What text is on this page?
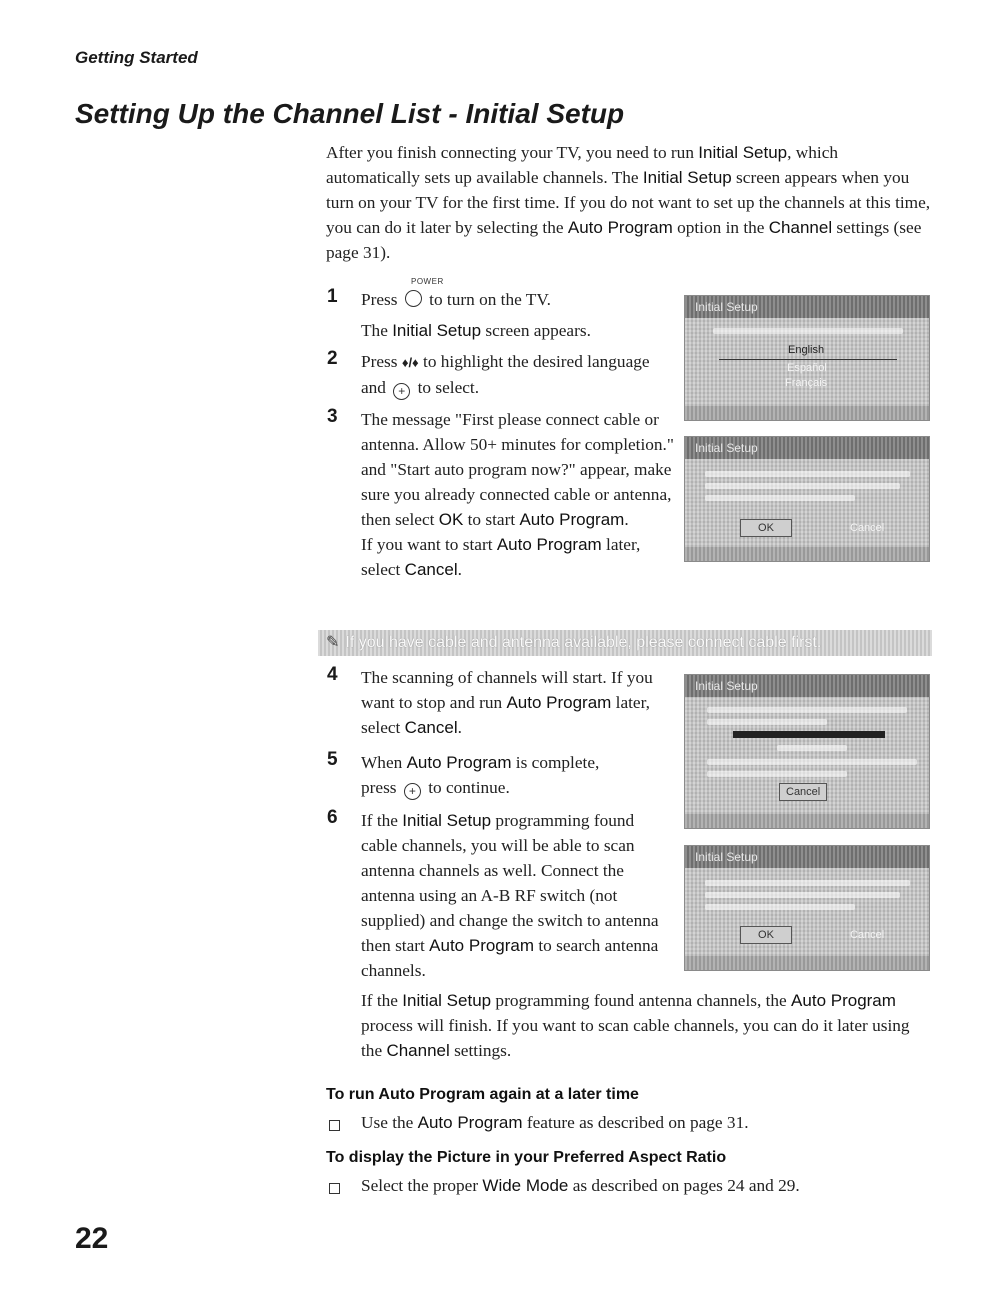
Getting Started
Setting Up the Channel List - Initial Setup
After you finish connecting your TV, you need to run Initial Setup, which automatically sets up available channels. The Initial Setup screen appears when you turn on your TV for the first time. If you do not want to set up the channels at this time, you can do it later by selecting the Auto Program option in the Channel settings (see page 31).
POWER
1 Press to turn on the TV.
The Initial Setup screen appears.
2 Press ♦/♦ to highlight the desired language and + to select.
3 The message "First please connect cable or antenna. Allow 50+ minutes for completion." and "Start auto program now?" appear, make sure you already connected cable or antenna, then select OK to start Auto Program.
If you want to start Auto Program later, select Cancel.
Initial Setup
English
Español
Français
Initial Setup
OK	Cancel
✎ If you have cable and antenna available, please connect cable first.
4 The scanning of channels will start. If you want to stop and run Auto Program later, select Cancel.
5 When Auto Program is complete,
press + to continue.
Initial Setup
Cancel
6 If the Initial Setup programming found cable channels, you will be able to scan antenna channels as well. Connect the antenna using an A-B RF switch (not supplied) and change the switch to antenna then start Auto Program to search antenna channels.
If the Initial Setup programming found antenna channels, the Auto Program process will finish. If you want to scan cable channels, you can do it later using the Channel settings.
Initial Setup
OK	Cancel
To run Auto Program again at a later time
Use the Auto Program feature as described on page 31.
To display the Picture in your Preferred Aspect Ratio
Select the proper Wide Mode as described on pages 24 and 29.
22
